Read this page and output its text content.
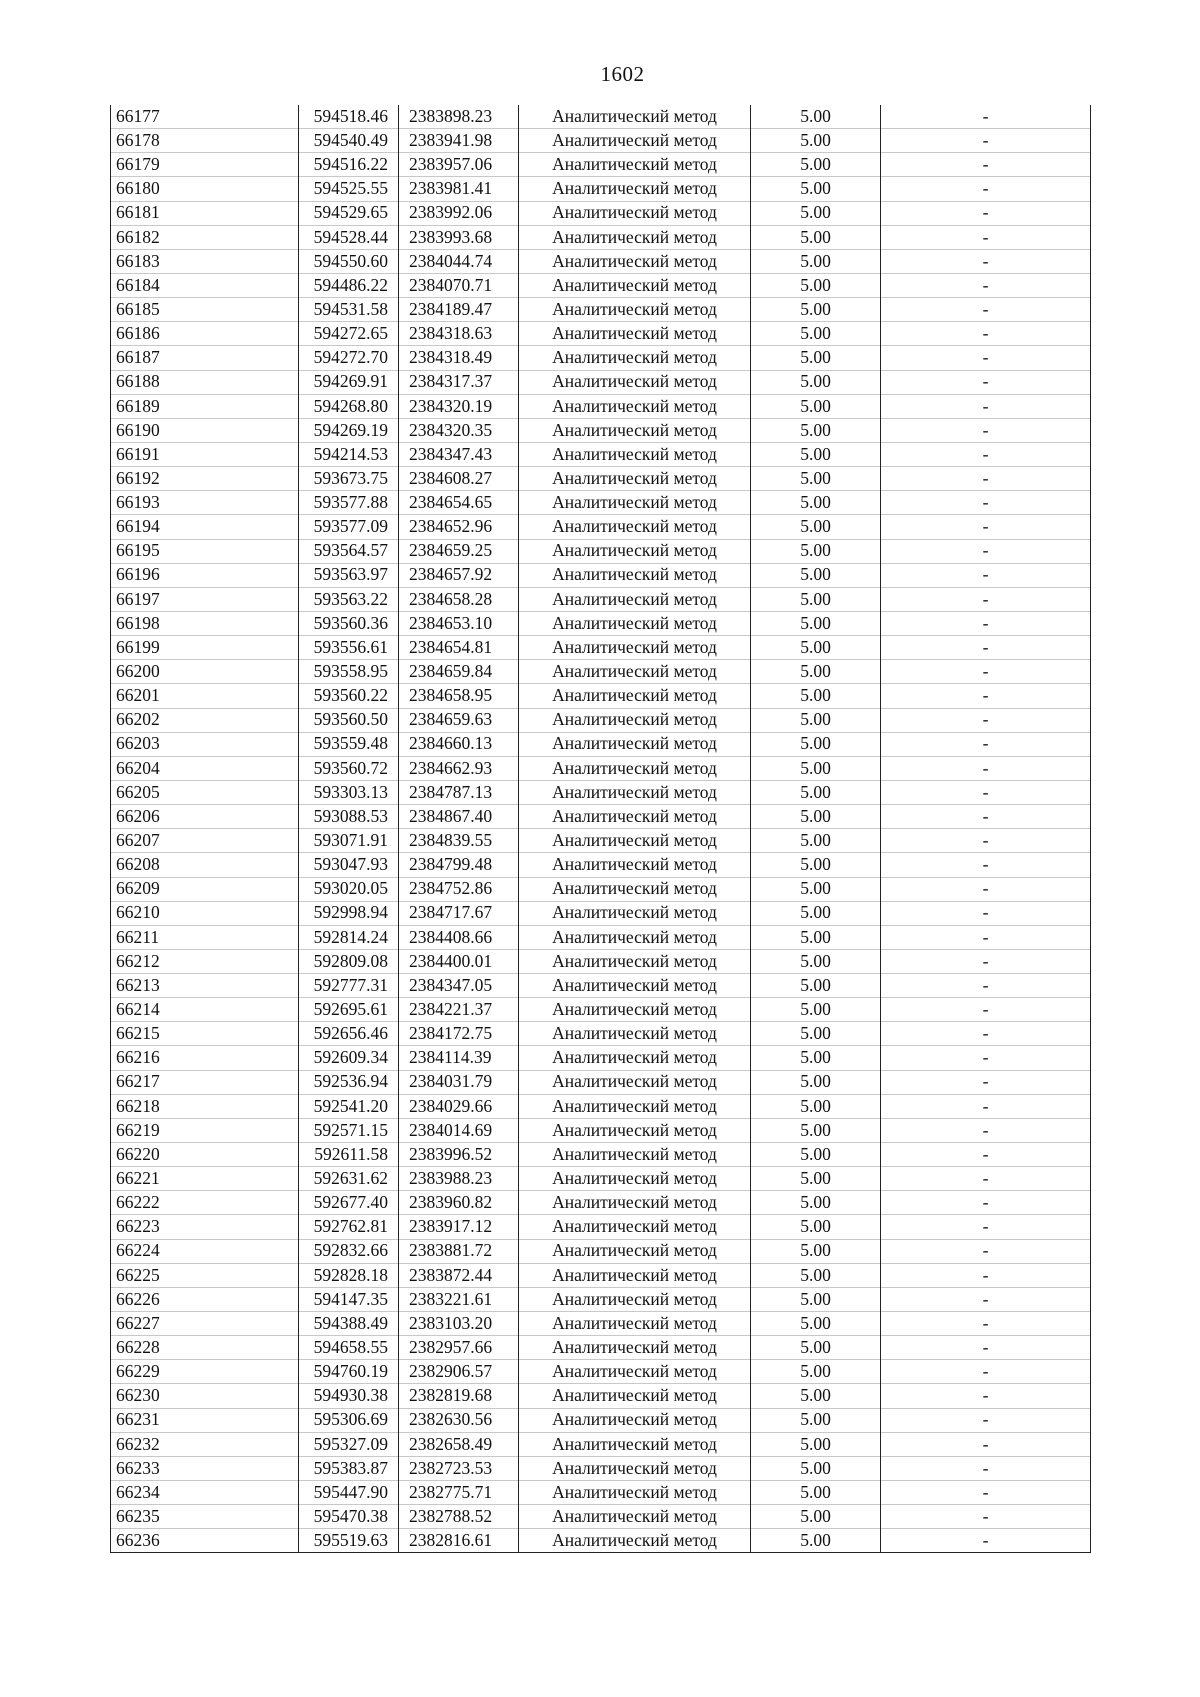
1602
66177	594518.46	2383898.23	Аналитический метод	5.00	-
66178	594540.49	2383941.98	Аналитический метод	5.00	-
66179	594516.22	2383957.06	Аналитический метод	5.00	-
66180	594525.55	2383981.41	Аналитический метод	5.00	-
66181	594529.65	2383992.06	Аналитический метод	5.00	-
66182	594528.44	2383993.68	Аналитический метод	5.00	-
66183	594550.60	2384044.74	Аналитический метод	5.00	-
66184	594486.22	2384070.71	Аналитический метод	5.00	-
66185	594531.58	2384189.47	Аналитический метод	5.00	-
66186	594272.65	2384318.63	Аналитический метод	5.00	-
66187	594272.70	2384318.49	Аналитический метод	5.00	-
66188	594269.91	2384317.37	Аналитический метод	5.00	-
66189	594268.80	2384320.19	Аналитический метод	5.00	-
66190	594269.19	2384320.35	Аналитический метод	5.00	-
66191	594214.53	2384347.43	Аналитический метод	5.00	-
66192	593673.75	2384608.27	Аналитический метод	5.00	-
66193	593577.88	2384654.65	Аналитический метод	5.00	-
66194	593577.09	2384652.96	Аналитический метод	5.00	-
66195	593564.57	2384659.25	Аналитический метод	5.00	-
66196	593563.97	2384657.92	Аналитический метод	5.00	-
66197	593563.22	2384658.28	Аналитический метод	5.00	-
66198	593560.36	2384653.10	Аналитический метод	5.00	-
66199	593556.61	2384654.81	Аналитический метод	5.00	-
66200	593558.95	2384659.84	Аналитический метод	5.00	-
66201	593560.22	2384658.95	Аналитический метод	5.00	-
66202	593560.50	2384659.63	Аналитический метод	5.00	-
66203	593559.48	2384660.13	Аналитический метод	5.00	-
66204	593560.72	2384662.93	Аналитический метод	5.00	-
66205	593303.13	2384787.13	Аналитический метод	5.00	-
66206	593088.53	2384867.40	Аналитический метод	5.00	-
66207	593071.91	2384839.55	Аналитический метод	5.00	-
66208	593047.93	2384799.48	Аналитический метод	5.00	-
66209	593020.05	2384752.86	Аналитический метод	5.00	-
66210	592998.94	2384717.67	Аналитический метод	5.00	-
66211	592814.24	2384408.66	Аналитический метод	5.00	-
66212	592809.08	2384400.01	Аналитический метод	5.00	-
66213	592777.31	2384347.05	Аналитический метод	5.00	-
66214	592695.61	2384221.37	Аналитический метод	5.00	-
66215	592656.46	2384172.75	Аналитический метод	5.00	-
66216	592609.34	2384114.39	Аналитический метод	5.00	-
66217	592536.94	2384031.79	Аналитический метод	5.00	-
66218	592541.20	2384029.66	Аналитический метод	5.00	-
66219	592571.15	2384014.69	Аналитический метод	5.00	-
66220	592611.58	2383996.52	Аналитический метод	5.00	-
66221	592631.62	2383988.23	Аналитический метод	5.00	-
66222	592677.40	2383960.82	Аналитический метод	5.00	-
66223	592762.81	2383917.12	Аналитический метод	5.00	-
66224	592832.66	2383881.72	Аналитический метод	5.00	-
66225	592828.18	2383872.44	Аналитический метод	5.00	-
66226	594147.35	2383221.61	Аналитический метод	5.00	-
66227	594388.49	2383103.20	Аналитический метод	5.00	-
66228	594658.55	2382957.66	Аналитический метод	5.00	-
66229	594760.19	2382906.57	Аналитический метод	5.00	-
66230	594930.38	2382819.68	Аналитический метод	5.00	-
66231	595306.69	2382630.56	Аналитический метод	5.00	-
66232	595327.09	2382658.49	Аналитический метод	5.00	-
66233	595383.87	2382723.53	Аналитический метод	5.00	-
66234	595447.90	2382775.71	Аналитический метод	5.00	-
66235	595470.38	2382788.52	Аналитический метод	5.00	-
66236	595519.63	2382816.61	Аналитический метод	5.00	-
